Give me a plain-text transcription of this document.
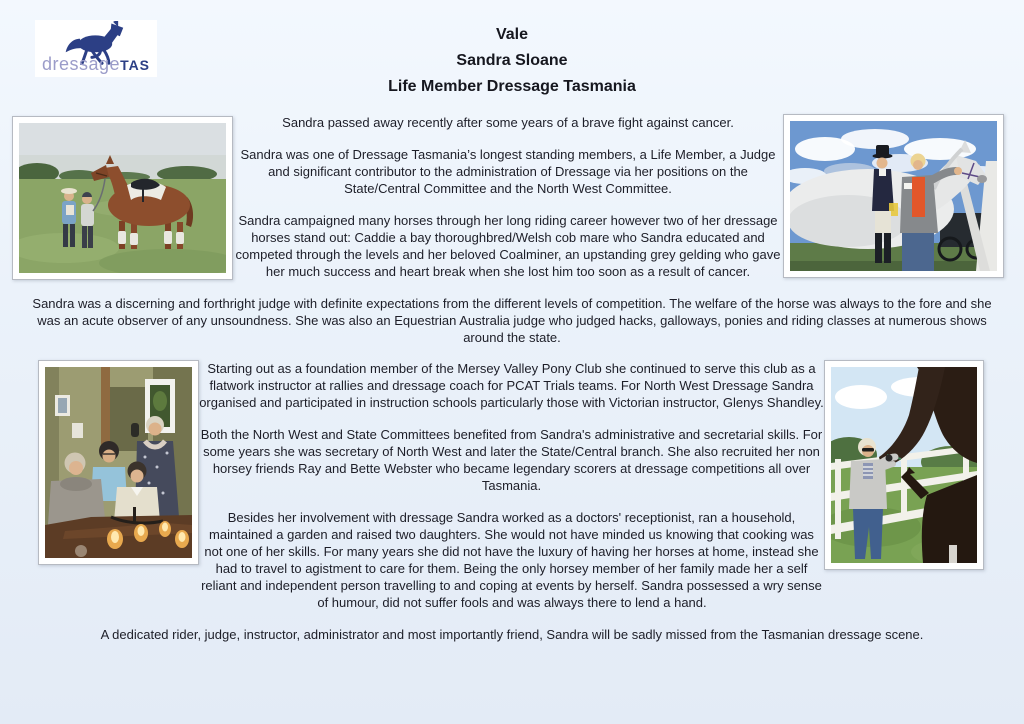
dressageTAS
Vale
Sandra Sloane
Life Member Dressage Tasmania

Sandra passed away recently after some years of a brave fight against cancer.

Sandra was one of Dressage Tasmania’s longest standing members, a Life Member, a Judge and significant contributor to the administration of Dressage via her positions on the State/Central Committee and the North West Committee.

Sandra campaigned many horses through her long riding career however two of her dressage horses stand out: Caddie a bay thoroughbred/Welsh cob mare who Sandra educated and competed through the levels and her beloved Coalminer, an upstanding grey gelding who gave her much success and heart break when she lost him too soon as a result of cancer.

Sandra was a discerning and forthright judge with definite expectations from the different levels of competition. The welfare of the horse was always to the fore and she was an acute observer of any unsoundness. She was also an Equestrian Australia judge who judged hacks, galloways, ponies and riding classes at numerous shows around the state.

Starting out as a foundation member of the Mersey Valley Pony Club she continued to serve this club as a flatwork instructor at rallies and dressage coach for PCAT Trials teams. For North West Dressage Sandra organised and participated in instruction schools particularly those with Victorian instructor, Glenys Shandley.

Both the North West and State Committees benefited from Sandra's administrative and secretarial skills. For some years she was secretary of North West and later the State/Central branch. She also recruited her non horsey friends Ray and Bette Webster who became legendary scorers at dressage competitions all over Tasmania.

Besides her involvement with dressage Sandra worked as a doctors' receptionist, ran a household, maintained a garden and raised two daughters. She would not have minded us knowing that cooking was not one of her skills. For many years she did not have the luxury of having her horses at home, instead she had to travel to agistment to care for them. Being the only horsey member of her family made her a self reliant and independent person travelling to and coping at events by herself. Sandra possessed a wry sense of humour, did not suffer fools and was always there to lend a hand.

A dedicated rider, judge, instructor, administrator and most importantly friend, Sandra will be sadly missed from the Tasmanian dressage scene.
